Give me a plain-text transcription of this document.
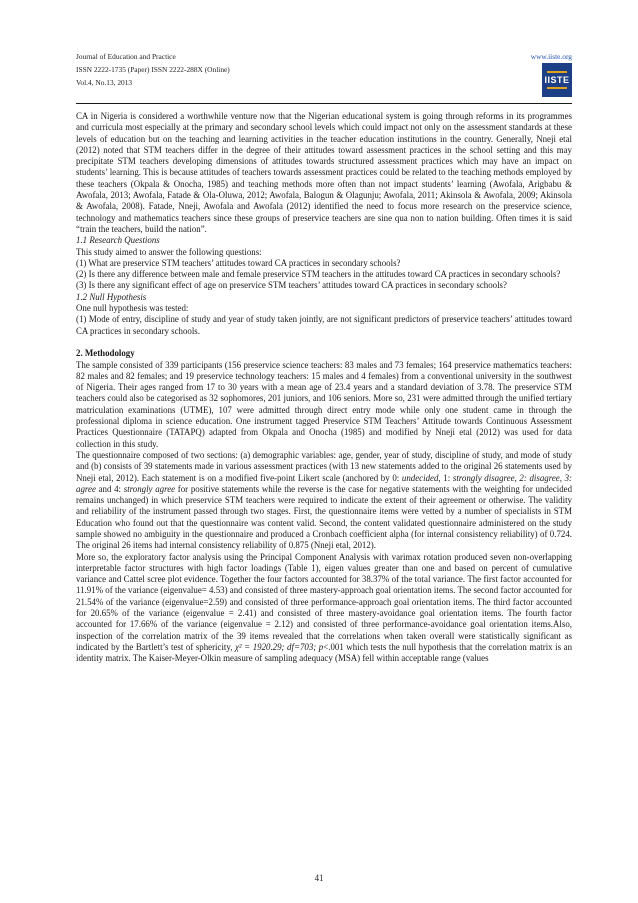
Journal of Education and Practice
ISSN 2222-1735 (Paper) ISSN 2222-288X (Online)
Vol.4, No.13, 2013
www.iiste.org
IISTE

CA in Nigeria is considered a worthwhile venture now that the Nigerian educational system is going through reforms in its programmes and curricula most especially at the primary and secondary school levels which could impact not only on the assessment standards at these levels of education but on the teaching and learning activities in the teacher education institutions in the country. Generally, Nneji etal (2012) noted that STM teachers differ in the degree of their attitudes toward assessment practices in the school setting and this may precipitate STM teachers developing dimensions of attitudes towards structured assessment practices which may have an impact on students’ learning. This is because attitudes of teachers towards assessment practices could be related to the teaching methods employed by these teachers (Okpala & Onocha, 1985) and teaching methods more often than not impact students’ learning (Awofala, Arigbabu & Awofala, 2013; Awofala, Fatade & Ola-Oluwa, 2012; Awofala, Balogun & Olagunju; Awofala, 2011; Akinsola & Awofala, 2009; Akinsola & Awofala, 2008). Fatade, Nneji, Awofala and Awofala (2012) identified the need to focus more research on the preservice science, technology and mathematics teachers since these groups of preservice teachers are sine qua non to nation building. Often times it is said “train the teachers, build the nation”.

1.1 Research Questions

This study aimed to answer the following questions:

(1) What are preservice STM teachers’ attitudes toward CA practices in secondary schools?

(2) Is there any difference between male and female preservice STM teachers in the attitudes toward CA practices in secondary schools?

(3) Is there any significant effect of age on preservice STM teachers’ attitudes toward CA practices in secondary schools?

1.2 Null Hypothesis

One null hypothesis was tested:

(1) Mode of entry, discipline of study and year of study taken jointly, are not significant predictors of preservice teachers’ attitudes toward CA practices in secondary schools.

2. Methodology

The sample consisted of 339 participants (156 preservice science teachers: 83 males and 73 females; 164 preservice mathematics teachers: 82 males and 82 females; and 19 preservice technology teachers: 15 males and 4 females) from a conventional university in the southwest of Nigeria. Their ages ranged from 17 to 30 years with a mean age of 23.4 years and a standard deviation of 3.78. The preservice STM teachers could also be categorised as 32 sophomores, 201 juniors, and 106 seniors. More so, 231 were admitted through the unified tertiary matriculation examinations (UTME), 107 were admitted through direct entry mode while only one student came in through the professional diploma in science education. One instrument tagged Preservice STM Teachers’ Attitude towards Continuous Assessment Practices Questionnaire (TATAPQ) adapted from Okpala and Onocha (1985) and modified by Nneji etal (2012) was used for data collection in this study.

The questionnaire composed of two sections: (a) demographic variables: age, gender, year of study, discipline of study, and mode of study and (b) consists of 39 statements made in various assessment practices (with 13 new statements added to the original 26 statements used by Nneji etal, 2012). Each statement is on a modified five-point Likert scale (anchored by 0: undecided, 1: strongly disagree, 2: disagree, 3: agree and 4: strongly agree for positive statements while the reverse is the case for negative statements with the weighting for undecided remains unchanged) in which preservice STM teachers were required to indicate the extent of their agreement or otherwise. The validity and reliability of the instrument passed through two stages. First, the questionnaire items were vetted by a number of specialists in STM Education who found out that the questionnaire was content valid. Second, the content validated questionnaire administered on the study sample showed no ambiguity in the questionnaire and produced a Cronbach coefficient alpha (for internal consistency reliability) of 0.724. The original 26 items had internal consistency reliability of 0.875 (Nneji etal, 2012).

More so, the exploratory factor analysis using the Principal Component Analysis with varimax rotation produced seven non-overlapping interpretable factor structures with high factor loadings (Table 1), eigen values greater than one and based on percent of cumulative variance and Cattel scree plot evidence. Together the four factors accounted for 38.37% of the total variance. The first factor accounted for 11.91% of the variance (eigenvalue= 4.53) and consisted of three mastery-approach goal orientation items. The second factor accounted for 21.54% of the variance (eigenvalue=2.59) and consisted of three performance-approach goal orientation items. The third factor accounted for 20.65% of the variance (eigenvalue = 2.41) and consisted of three mastery-avoidance goal orientation items. The fourth factor accounted for 17.66% of the variance (eigenvalue = 2.12) and consisted of three performance-avoidance goal orientation items.Also, inspection of the correlation matrix of the 39 items revealed that the correlations when taken overall were statistically significant as indicated by the Bartlett’s test of sphericity, χ² = 1920.29; df=703; p<.001 which tests the null hypothesis that the correlation matrix is an identity matrix. The Kaiser-Meyer-Olkin measure of sampling adequacy (MSA) fell within acceptable range (values

41
